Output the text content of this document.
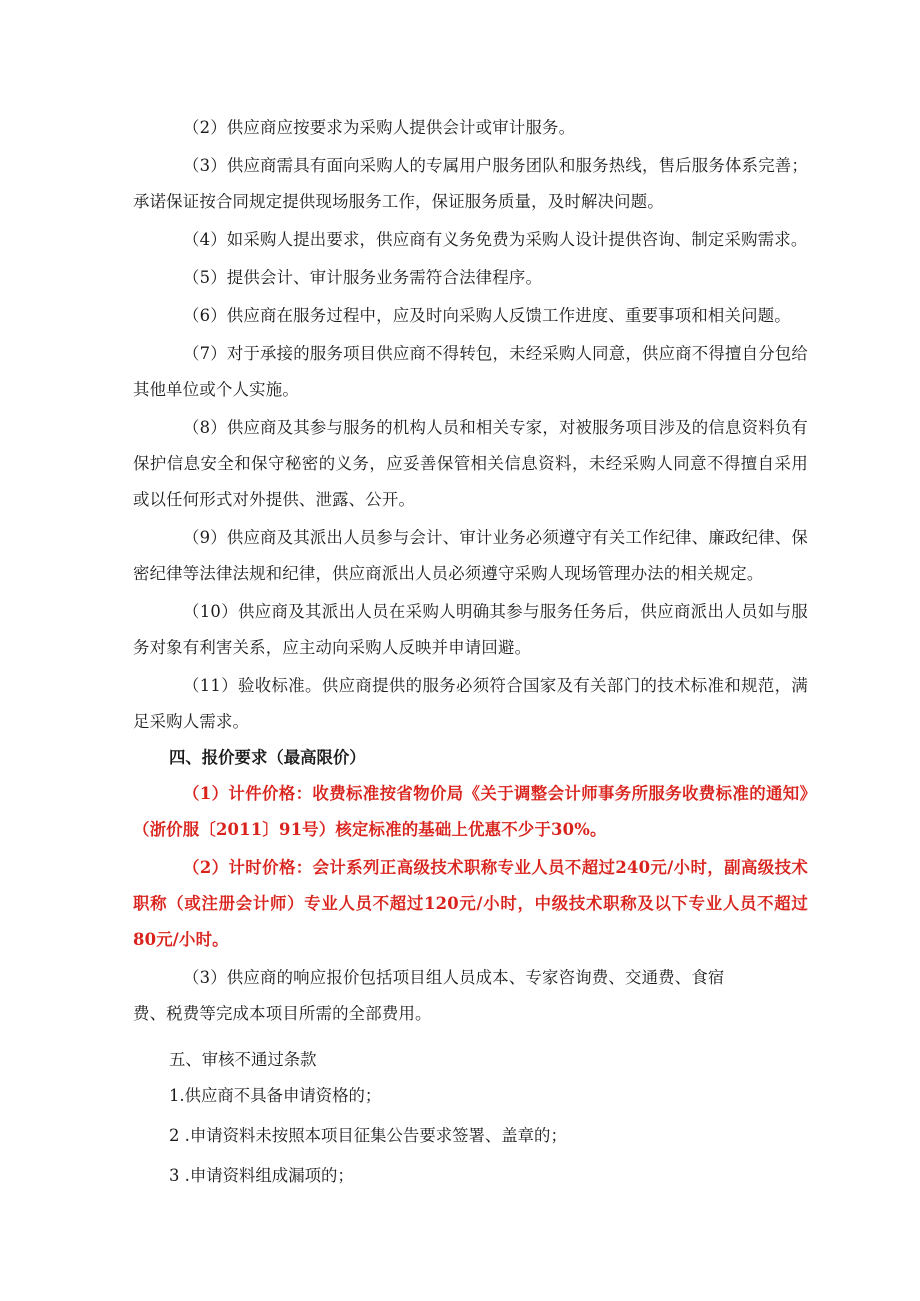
（2）供应商应按要求为采购人提供会计或审计服务。

（3）供应商需具有面向采购人的专属用户服务团队和服务热线，售后服务体系完善；承诺保证按合同规定提供现场服务工作，保证服务质量，及时解决问题。

（4）如采购人提出要求，供应商有义务免费为采购人设计提供咨询、制定采购需求。

（5）提供会计、审计服务业务需符合法律程序。

（6）供应商在服务过程中，应及时向采购人反馈工作进度、重要事项和相关问题。

（7）对于承接的服务项目供应商不得转包，未经采购人同意，供应商不得擅自分包给其他单位或个人实施。

（8）供应商及其参与服务的机构人员和相关专家，对被服务项目涉及的信息资料负有保护信息安全和保守秘密的义务，应妥善保管相关信息资料，未经采购人同意不得擅自采用或以任何形式对外提供、泄露、公开。

（9）供应商及其派出人员参与会计、审计业务必须遵守有关工作纪律、廉政纪律、保密纪律等法律法规和纪律，供应商派出人员必须遵守采购人现场管理办法的相关规定。

（10）供应商及其派出人员在采购人明确其参与服务任务后，供应商派出人员如与服务对象有利害关系，应主动向采购人反映并申请回避。

（11）验收标准。供应商提供的服务必须符合国家及有关部门的技术标准和规范，满足采购人需求。

四、报价要求（最高限价）

（1）计件价格：收费标准按省物价局《关于调整会计师事务所服务收费标准的通知》（浙价服〔2011〕91号）核定标准的基础上优惠不少于30%。

（2）计时价格：会计系列正高级技术职称专业人员不超过240元/小时，副高级技术职称（或注册会计师）专业人员不超过120元/小时，中级技术职称及以下专业人员不超过80元/小时。

（3）供应商的响应报价包括项目组人员成本、专家咨询费、交通费、食宿

费、税费等完成本项目所需的全部费用。

五、审核不通过条款

1.供应商不具备申请资格的；

2 .申请资料未按照本项目征集公告要求签署、盖章的；

3 .申请资料组成漏项的；
